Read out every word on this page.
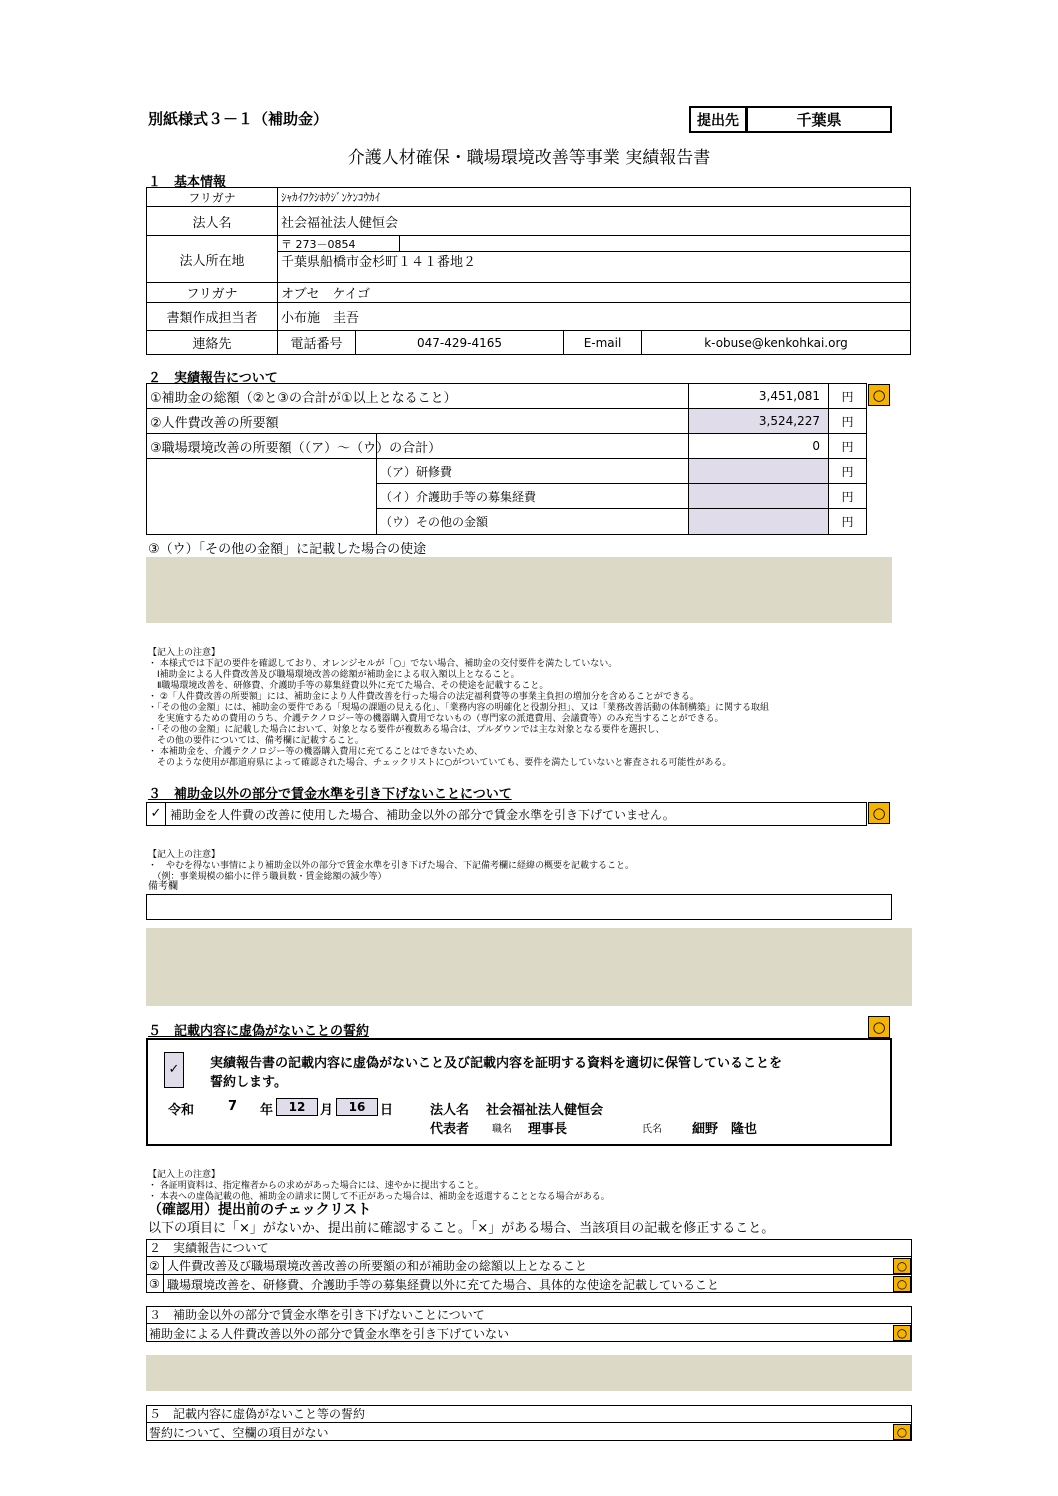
別紙様式３－１（補助金）	提出先	千葉県
介護人材確保・職場環境改善等事業 実績報告書
１　基本情報
フリガナ	ｼｬｶｲﾌｸｼﾎｳｼﾞﾝｹﾝｺｳｶｲ
法人名	社会福祉法人健恒会
法人所在地
〒 273－0854
千葉県船橋市金杉町１４１番地２
フリガナ	オブセ　ケイゴ
書類作成担当者	小布施　圭吾
連絡先	電話番号	047-429-4165	E-mail	k-obuse@kenkohkai.org
２　実績報告について
①補助金の総額（②と③の合計が①以上となること）	3,451,081	円	○
②人件費改善の所要額	3,524,227	円
③職場環境改善の所要額（（ア）～（ウ）の合計）	0	円
（ア）研修費	円
（イ）介護助手等の募集経費	円
（ウ）その他の金額	円
③（ウ）「その他の金額」に記載した場合の使途

【記入上の注意】
・ 本様式では下記の要件を確認しており、オレンジセルが「○」でない場合、補助金の交付要件を満たしていない。
　Ⅰ補助金による人件費改善及び職場環境改善の総額が補助金による収入額以上となること。
　Ⅱ職場環境改善を、研修費、介護助手等の募集経費以外に充てた場合、その使途を記載すること。
・ ②「人件費改善の所要額」には、補助金により人件費改善を行った場合の法定福利費等の事業主負担の増加分を含めることができる。
・「その他の金額」には、補助金の要件である「現場の課題の見える化」、「業務内容の明確化と役割分担」、又は「業務改善活動の体制構築」に関する取組
　を実施するための費用のうち、介護テクノロジー等の機器購入費用でないもの（専門家の派遣費用、会議費等）のみ充当することができる。
・「その他の金額」に記載した場合において、対象となる要件が複数ある場合は、プルダウンでは主な対象となる要件を選択し、
　その他の要件については、備考欄に記載すること。
・ 本補助金を、介護テクノロジー等の機器購入費用に充てることはできないため、
　そのような使用が都道府県によって確認された場合、チェックリストに○がついていても、要件を満たしていないと審査される可能性がある。

３　補助金以外の部分で賃金水準を引き下げないことについて
✓ 補助金を人件費の改善に使用した場合、補助金以外の部分で賃金水準を引き下げていません。	○

【記入上の注意】
・　やむを得ない事情により補助金以外の部分で賃金水準を引き下げた場合、下記備考欄に経緯の概要を記載すること。
　（例：事業規模の縮小に伴う職員数・賃金総額の減少等）

備考欄
５　記載内容に虚偽がないことの誓約	○
✓	実績報告書の記載内容に虚偽がないこと及び記載内容を証明する資料を適切に保管していることを
誓約します。
令和	7 年	12	月	16	日	法人名 社会福祉法人健恒会
代表者 職名 理事長	氏名 細野　隆也

【記入上の注意】
・ 各証明資料は、指定権者からの求めがあった場合には、速やかに提出すること。
・ 本表への虚偽記載の他、補助金の請求に関して不正があった場合は、補助金を返還することとなる場合がある。

（確認用）提出前のチェックリスト
以下の項目に「×」がないか、提出前に確認すること。「×」がある場合、当該項目の記載を修正すること。
２　実績報告について
② 人件費改善及び職場環境改善改善の所要額の和が補助金の総額以上となること	○
③ 職場環境改善を、研修費、介護助手等の募集経費以外に充てた場合、具体的な使途を記載していること	○
３　補助金以外の部分で賃金水準を引き下げないことについて
補助金による人件費改善以外の部分で賃金水準を引き下げていない	○
５　記載内容に虚偽がないこと等の誓約
誓約について、空欄の項目がない	○
